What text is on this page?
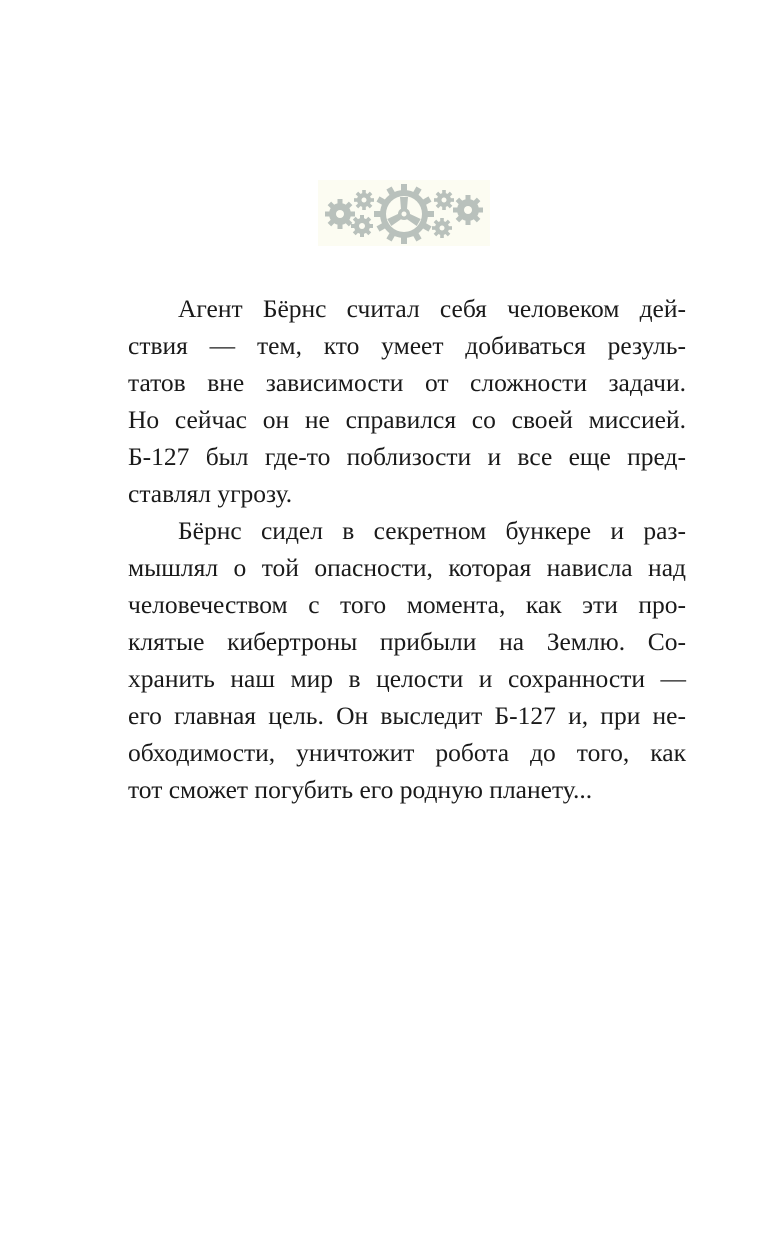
Агент Бёрнс считал себя человеком дей-
ствия — тем, кто умеет добиваться резуль-
татов вне зависимости от сложности задачи.
Но сейчас он не справился со своей миссией.
Б-127 был где-то поблизости и все еще пред-
ставлял угрозу.
Бёрнс сидел в секретном бункере и раз-
мышлял о той опасности, которая нависла над
человечеством с того момента, как эти про-
клятые кибертроны прибыли на Землю. Со-
хранить наш мир в целости и сохранности —
его главная цель. Он выследит Б-127 и, при не-
обходимости, уничтожит робота до того, как
тот сможет погубить его родную планету...
